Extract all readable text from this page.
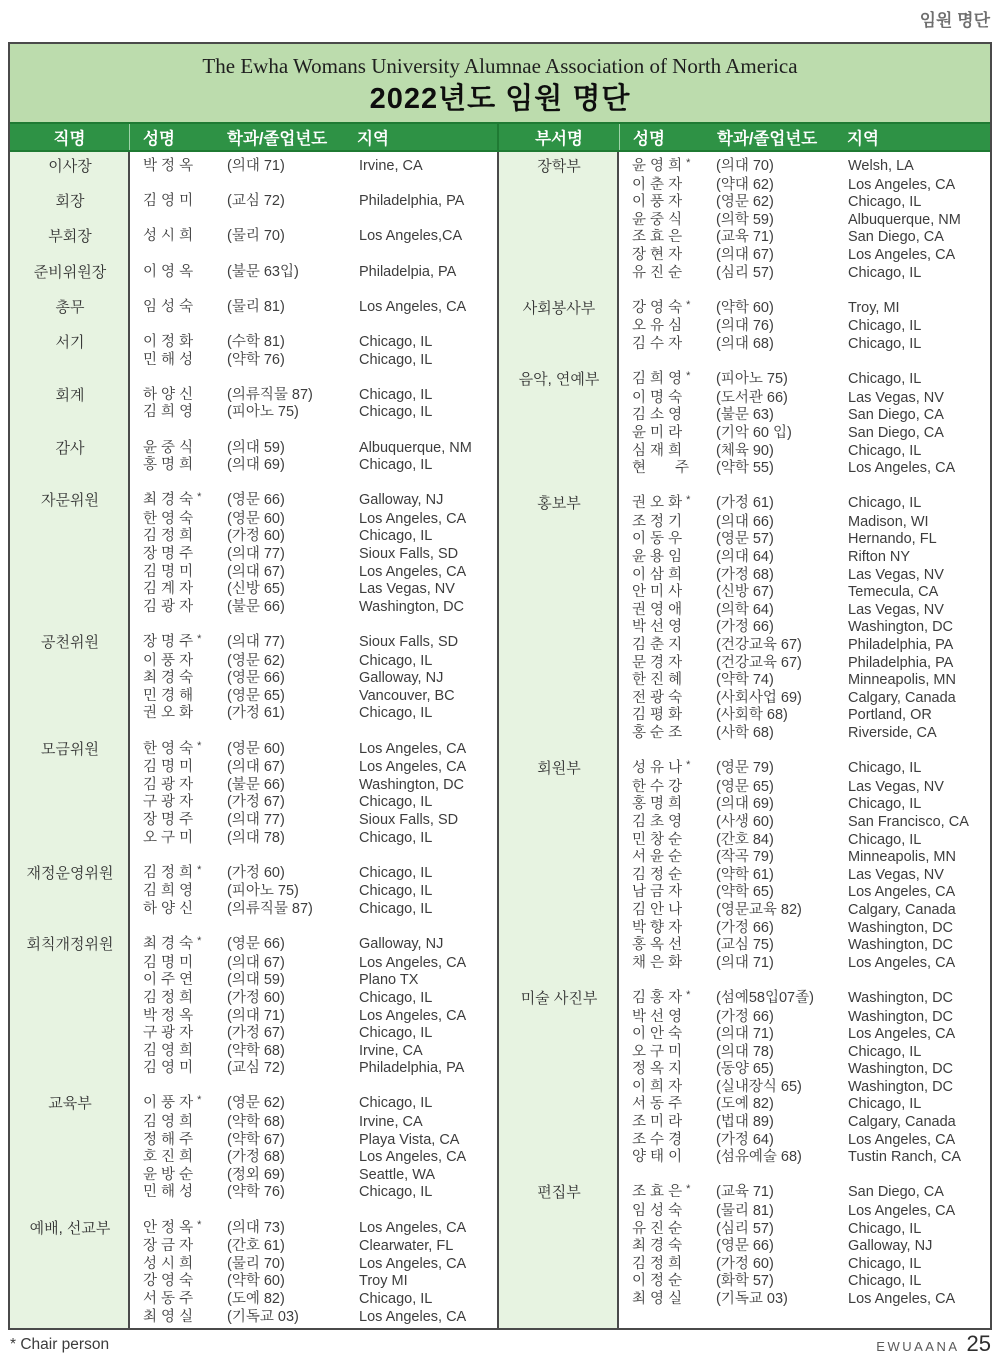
임원 명단
The Ewha Womans University Alumnae Association of North America
2022년도 임원 명단
직명	성명	학과/졸업년도	지역	부서명	성명	학과/졸업년도	지역
이사장	박 정 옥	(의대 71)	Irvine, CA
회장	김 영 미	(교심 72)	Philadelphia, PA
부회장	성 시 희	(물리 70)	Los Angeles,CA
준비위원장	이 영 옥	(불문 63입)	Philadelpia, PA
총무	임 성 숙	(물리 81)	Los Angeles, CA
서기	이 정 화	(수학 81)	Chicago, IL
민 해 성	(약학 76)	Chicago, IL
회계	하 양 신	(의류직물 87)	Chicago, IL
김 희 영	(피아노 75)	Chicago, IL
감사	윤 중 식	(의대 59)	Albuquerque, NM
홍 명 희	(의대 69)	Chicago, IL
자문위원	최 경 숙 *	(영문 66)	Galloway, NJ
한 영 숙	(영문 60)	Los Angeles, CA
김 정 희	(가정 60)	Chicago, IL
장 명 주	(의대 77)	Sioux Falls, SD
김 명 미	(의대 67)	Los Angeles, CA
김 계 자	(신방 65)	Las Vegas, NV
김 광 자	(불문 66)	Washington, DC
공천위원	장 명 주 *	(의대 77)	Sioux Falls, SD
이 풍 자	(영문 62)	Chicago, IL
최 경 숙	(영문 66)	Galloway, NJ
민 경 해	(영문 65)	Vancouver, BC
권 오 화	(가정 61)	Chicago, IL
모금위원	한 영 숙 *	(영문 60)	Los Angeles, CA
김 명 미	(의대 67)	Los Angeles, CA
김 광 자	(불문 66)	Washington, DC
구 광 자	(가정 67)	Chicago, IL
장 명 주	(의대 77)	Sioux Falls, SD
오 구 미	(의대 78)	Chicago, IL
재정운영위원	김 정 희 *	(가정 60)	Chicago, IL
김 희 영	(피아노 75)	Chicago, IL
하 양 신	(의류직물 87)	Chicago, IL
회칙개정위원	최 경 숙 *	(영문 66)	Galloway, NJ
김 명 미	(의대 67)	Los Angeles, CA
이 주 연	(의대 59)	Plano TX
김 정 희	(가정 60)	Chicago, IL
박 정 옥	(의대 71)	Los Angeles, CA
구 광 자	(가정 67)	Chicago, IL
김 영 희	(약학 68)	Irvine, CA
김 영 미	(교심 72)	Philadelphia, PA
교육부	이 풍 자 *	(영문 62)	Chicago, IL
김 영 희	(약학 68)	Irvine, CA
정 해 주	(약학 67)	Playa Vista, CA
호 진 희	(가정 68)	Los Angeles, CA
윤 방 순	(정외 69)	Seattle, WA
민 해 성	(약학 76)	Chicago, IL
예배, 선교부	안 정 옥 *	(의대 73)	Los Angeles, CA
장 금 자	(간호 61)	Clearwater, FL
성 시 희	(물리 70)	Los Angeles, CA
강 영 숙	(약학 60)	Troy MI
서 동 주	(도예 82)	Chicago, IL
최 영 실	(기독교 03)	Los Angeles, CA
장학부	윤 영 희 *	(의대 70)	Welsh, LA
이 춘 자	(약대 62)	Los Angeles, CA
이 풍 자	(영문 62)	Chicago, IL
윤 중 식	(의학 59)	Albuquerque, NM
조 효 은	(교육 71)	San Diego, CA
장 현 자	(의대 67)	Los Angeles, CA
유 진 순	(심리 57)	Chicago, IL
사회봉사부	강 영 숙 *	(약학 60)	Troy, MI
오 유 심	(의대 76)	Chicago, IL
김 수 자	(의대 68)	Chicago, IL
음악, 연예부	김 희 영 *	(피아노 75)	Chicago, IL
이 명 숙	(도서관 66)	Las Vegas, NV
김 소 영	(불문 63)	San Diego, CA
윤 미 라	(기악 60 입)	San Diego, CA
심 재 희	(체육 90)	Chicago, IL
현　　주	(약학 55)	Los Angeles, CA
홍보부	권 오 화 *	(가정 61)	Chicago, IL
조 정 기	(의대 66)	Madison, WI
이 동 우	(영문 57)	Hernando, FL
윤 용 임	(의대 64)	Rifton NY
이 삼 희	(가정 68)	Las Vegas, NV
안 미 사	(신방 67)	Temecula, CA
권 영 애	(의학 64)	Las Vegas, NV
박 선 영	(가정 66)	Washington, DC
김 춘 지	(건강교육 67)	Philadelphia, PA
문 경 자	(건강교육 67)	Philadelphia, PA
한 진 혜	(약학 74)	Minneapolis, MN
전 광 숙	(사회사업 69)	Calgary, Canada
김 평 화	(사회학 68)	Portland, OR
홍 순 조	(사학 68)	Riverside, CA
회원부	성 유 나 *	(영문 79)	Chicago, IL
한 수 강	(영문 65)	Las Vegas, NV
홍 명 희	(의대 69)	Chicago, IL
김 초 영	(사생 60)	San Francisco, CA
민 창 순	(간호 84)	Chicago, IL
서 윤 순	(작곡 79)	Minneapolis, MN
김 정 순	(약학 61)	Las Vegas, NV
남 금 자	(약학 65)	Los Angeles, CA
김 안 나	(영문교육 82)	Calgary, Canada
박 향 자	(가정 66)	Washington, DC
홍 옥 선	(교심 75)	Washington, DC
채 은 화	(의대 71)	Los Angeles, CA
미술 사진부	김 홍 자 *	(섬예58입07졸)	Washington, DC
박 선 영	(가정 66)	Washington, DC
이 안 숙	(의대 71)	Los Angeles, CA
오 구 미	(의대 78)	Chicago, IL
정 옥 지	(동양 65)	Washington, DC
이 희 자	(실내장식 65)	Washington, DC
서 동 주	(도예 82)	Chicago, IL
조 미 라	(법대 89)	Calgary, Canada
조 수 경	(가정 64)	Los Angeles, CA
양 태 이	(섬유예술 68)	Tustin Ranch, CA
편집부	조 효 은 *	(교육 71)	San Diego, CA
임 성 숙	(물리 81)	Los Angeles, CA
유 진 순	(심리 57)	Chicago, IL
최 경 숙	(영문 66)	Galloway, NJ
김 정 희	(가정 60)	Chicago, IL
이 정 순	(화학 57)	Chicago, IL
최 영 실	(기독교 03)	Los Angeles, CA
* Chair person	EWUAANA 25
